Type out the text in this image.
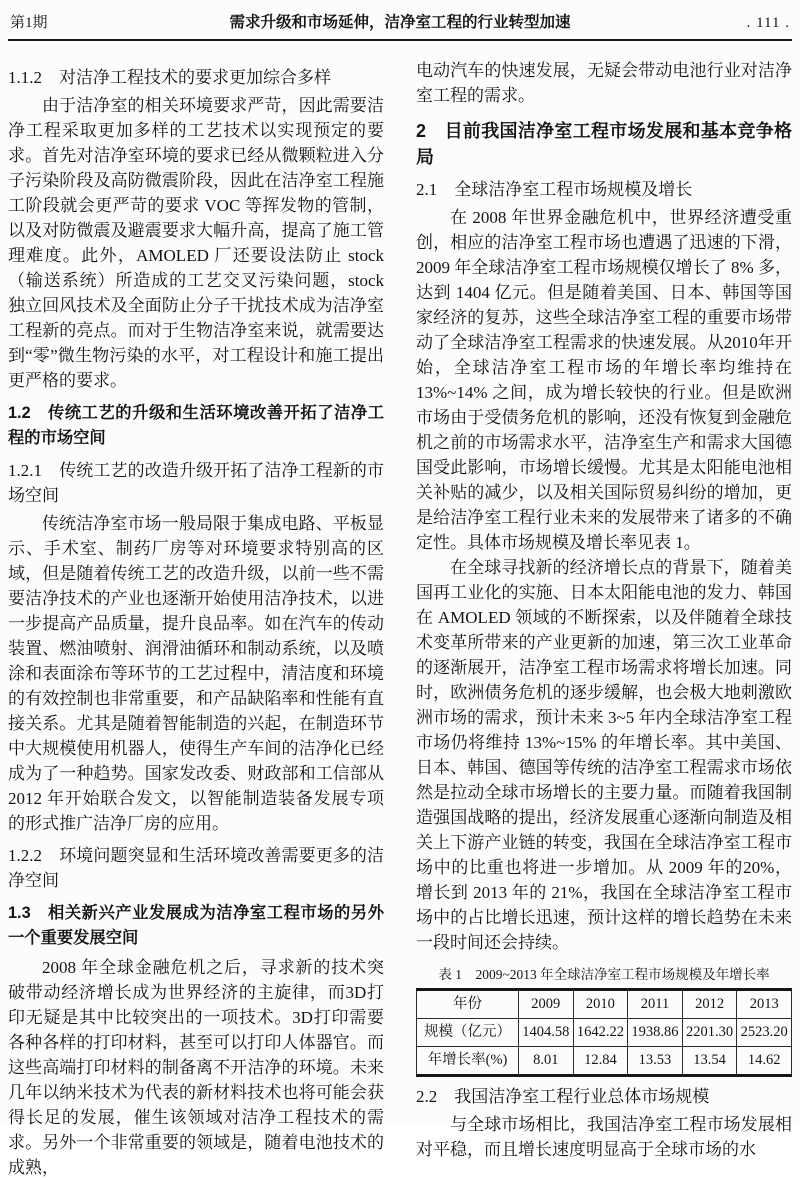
第1期	需求升级和市场延伸，洁净室工程的行业转型加速	. 111 .
1.1.2　对洁净工程技术的要求更加综合多样

由于洁净室的相关环境要求严苛，因此需要洁净工程采取更加多样的工艺技术以实现预定的要求。首先对洁净室环境的要求已经从微颗粒进入分子污染阶段及高防微震阶段，因此在洁净室工程施工阶段就会更严苛的要求 VOC 等挥发物的管制，以及对防微震及避震要求大幅升高，提高了施工管理难度。此外，AMOLED 厂还要设法防止 stock（输送系统）所造成的工艺交叉污染问题，stock 独立回风技术及全面防止分子干扰技术成为洁净室工程新的亮点。而对于生物洁净室来说，就需要达到“零”微生物污染的水平，对工程设计和施工提出更严格的要求。

1.2　传统工艺的升级和生活环境改善开拓了洁净工程的市场空间
1.2.1　传统工艺的改造升级开拓了洁净工程新的市场空间

传统洁净室市场一般局限于集成电路、平板显示、手术室、制药厂房等对环境要求特别高的区域，但是随着传统工艺的改造升级，以前一些不需要洁净技术的产业也逐渐开始使用洁净技术，以进一步提高产品质量，提升良品率。如在汽车的传动装置、燃油喷射、润滑油循环和制动系统，以及喷涂和表面涂布等环节的工艺过程中，清洁度和环境的有效控制也非常重要，和产品缺陷率和性能有直接关系。尤其是随着智能制造的兴起，在制造环节中大规模使用机器人，使得生产车间的洁净化已经成为了一种趋势。国家发改委、财政部和工信部从 2012 年开始联合发文，以智能制造装备发展专项的形式推广洁净厂房的应用。

1.2.2　环境问题突显和生活环境改善需要更多的洁净空间
1.3　相关新兴产业发展成为洁净室工程市场的另外一个重要发展空间

2008 年全球金融危机之后，寻求新的技术突破带动经济增长成为世界经济的主旋律，而3D打印无疑是其中比较突出的一项技术。3D打印需要各种各样的打印材料，甚至可以打印人体器官。而这些高端打印材料的制备离不开洁净的环境。未来几年以纳米技术为代表的新材料技术也将可能会获得长足的发展，催生该领域对洁净工程技术的需求。另外一个非常重要的领域是，随着电池技术的成熟，

电动汽车的快速发展，无疑会带动电池行业对洁净室工程的需求。

2　目前我国洁净室工程市场发展和基本竞争格局
2.1　全球洁净室工程市场规模及增长

在 2008 年世界金融危机中，世界经济遭受重创，相应的洁净室工程市场也遭遇了迅速的下滑，2009 年全球洁净室工程市场规模仅增长了 8% 多，达到 1404 亿元。但是随着美国、日本、韩国等国家经济的复苏，这些全球洁净室工程的重要市场带动了全球洁净室工程需求的快速发展。从2010年开始，全球洁净室工程市场的年增长率均维持在 13%~14% 之间，成为增长较快的行业。但是欧洲市场由于受债务危机的影响，还没有恢复到金融危机之前的市场需求水平，洁净室生产和需求大国德国受此影响，市场增长缓慢。尤其是太阳能电池相关补贴的减少，以及相关国际贸易纠纷的增加，更是给洁净室工程行业未来的发展带来了诸多的不确定性。具体市场规模及增长率见表 1。

在全球寻找新的经济增长点的背景下，随着美国再工业化的实施、日本太阳能电池的发力、韩国在 AMOLED 领域的不断探索，以及伴随着全球技术变革所带来的产业更新的加速，第三次工业革命的逐渐展开，洁净室工程市场需求将增长加速。同时，欧洲债务危机的逐步缓解，也会极大地刺激欧洲市场的需求，预计未来 3~5 年内全球洁净室工程市场仍将维持 13%~15% 的年增长率。其中美国、日本、韩国、德国等传统的洁净室工程需求市场依然是拉动全球市场增长的主要力量。而随着我国制造强国战略的提出，经济发展重心逐渐向制造及相关上下游产业链的转变，我国在全球洁净室工程市场中的比重也将进一步增加。从 2009 年的20%，增长到 2013 年的 21%，我国在全球洁净室工程市场中的占比增长迅速，预计这样的增长趋势在未来一段时间还会持续。

表 1　2009~2013 年全球洁净室工程市场规模及年增长率
年份	2009	2010	2011	2012	2013
规模（亿元）	1404.58	1642.22	1938.86	2201.30	2523.20
年增长率(%)	8.01	12.84	13.53	13.54	14.62
2.2　我国洁净室工程行业总体市场规模

与全球市场相比，我国洁净室工程市场发展相对平稳，而且增长速度明显高于全球市场的水
